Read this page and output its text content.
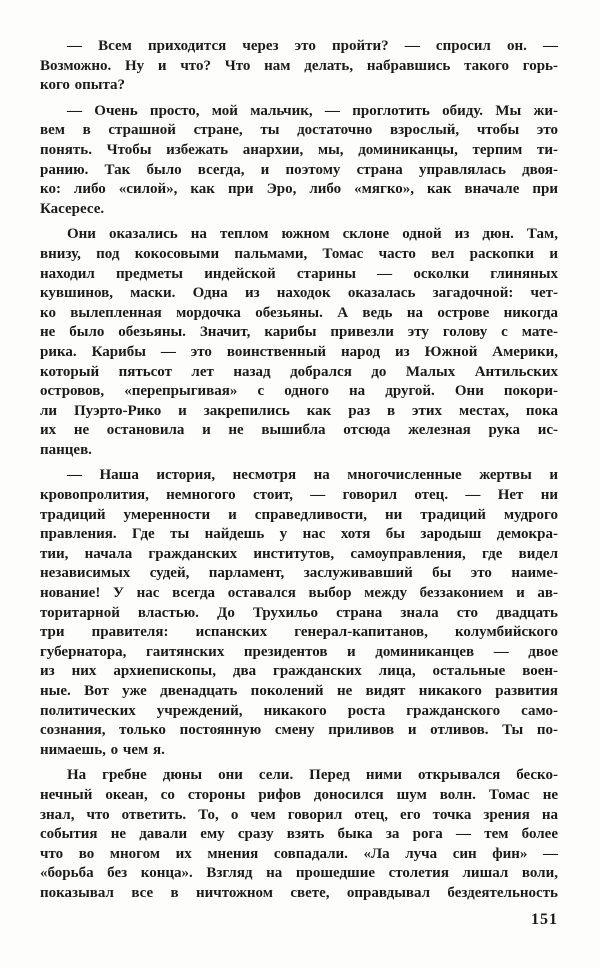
— Всем приходится через это пройти? — спросил он. —
Возможно. Ну и что? Что нам делать, набравшись такого горь-
кого опыта?

— Очень просто, мой мальчик, — проглотить обиду. Мы жи-
вем в страшной стране, ты достаточно взрослый, чтобы это
понять. Чтобы избежать анархии, мы, доминиканцы, терпим ти-
ранию. Так было всегда, и поэтому страна управлялась двоя-
ко: либо «силой», как при Эро, либо «мягко», как вначале при
Касересе.

Они оказались на теплом южном склоне одной из дюн. Там,
внизу, под кокосовыми пальмами, Томас часто вел раскопки и
находил предметы индейской старины — осколки глиняных
кувшинов, маски. Одна из находок оказалась загадочной: чет-
ко вылепленная мордочка обезьяны. А ведь на острове никогда
не было обезьяны. Значит, карибы привезли эту голову с мате-
рика. Карибы — это воинственный народ из Южной Америки,
который пятьсот лет назад добрался до Малых Антильских
островов, «перепрыгивая» с одного на другой. Они покори-
ли Пуэрто-Рико и закрепились как раз в этих местах, пока
их не остановила и не вышибла отсюда железная рука ис-
панцев.

— Наша история, несмотря на многочисленные жертвы и
кровопролития, немногого стоит, — говорил отец. — Нет ни
традиций умеренности и справедливости, ни традиций мудрого
правления. Где ты найдешь у нас хотя бы зародыш демокра-
тии, начала гражданских институтов, самоуправления, где видел
независимых судей, парламент, заслуживавший бы это наиме-
нование! У нас всегда оставался выбор между беззаконием и ав-
торитарной властью. До Трухильо страна знала сто двадцать
три правителя: испанских генерал-капитанов, колумбийского
губернатора, гаитянских президентов и доминиканцев — двое
из них архиепископы, два гражданских лица, остальные воен-
ные. Вот уже двенадцать поколений не видят никакого развития
политических учреждений, никакого роста гражданского само-
сознания, только постоянную смену приливов и отливов. Ты по-
нимаешь, о чем я.

На гребне дюны они сели. Перед ними открывался беско-
нечный океан, со стороны рифов доносился шум волн. Томас не
знал, что ответить. То, о чем говорил отец, его точка зрения на
события не давали ему сразу взять быка за рога — тем более
что во многом их мнения совпадали. «Ла луча син фин» —
«борьба без конца». Взгляд на прошедшие столетия лишал воли,
показывал все в ничтожном свете, оправдывал бездеятельность

151
